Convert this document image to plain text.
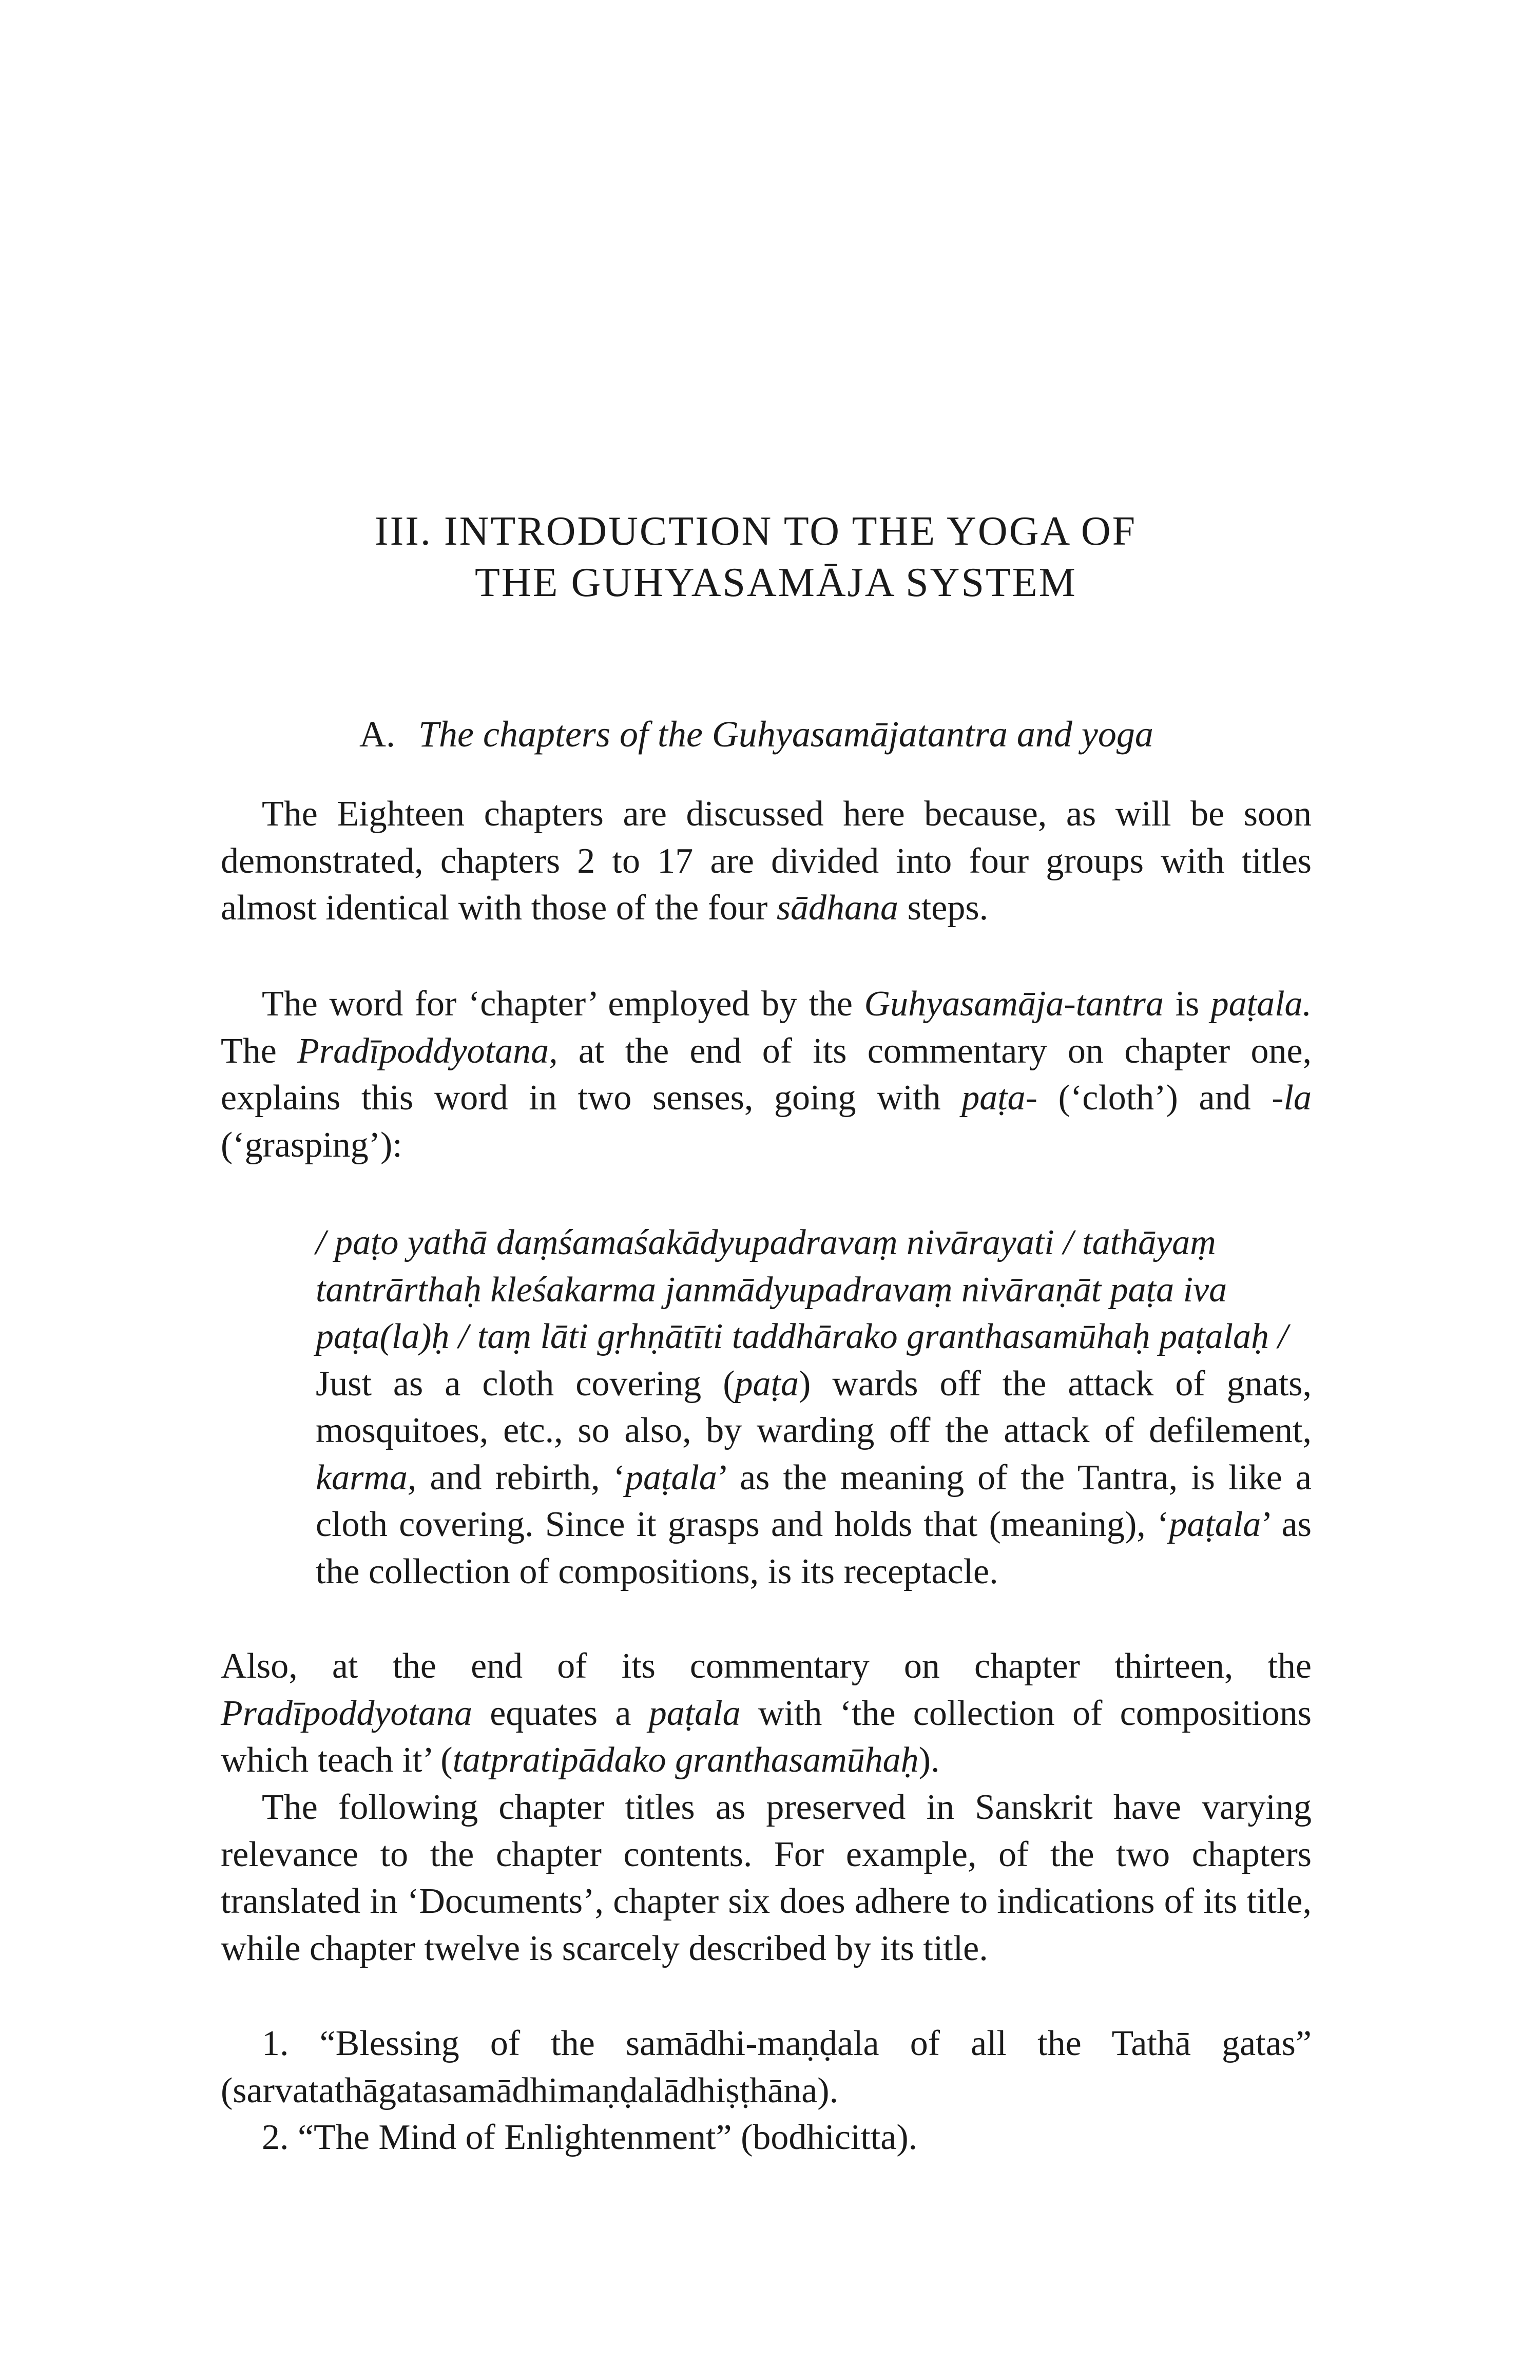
III. INTRODUCTION TO THE YOGA OF
THE GUHYASAMĀJA SYSTEM
A. The chapters of the Guhyasamājatantra and yoga

The Eighteen chapters are discussed here because, as will be soon demonstrated, chapters 2 to 17 are divided into four groups with titles almost identical with those of the four sādhana steps.

The word for ‘chapter’ employed by the Guhyasamāja-tantra is paṭala. The Pradīpoddyotana, at the end of its commentary on chapter one, explains this word in two senses, going with paṭa- (‘cloth’) and -la (‘grasping’):

/ paṭo yathā daṃśamaśakādyupadravaṃ nivārayati / tathāyaṃ tantrārthaḥ kleśakarma janmādyupadravaṃ nivāraṇāt paṭa iva paṭa(la)ḥ / taṃ lāti gṛhṇātīti taddhārako granthasamūhaḥ paṭalaḥ /

Just as a cloth covering (paṭa) wards off the attack of gnats, mosquitoes, etc., so also, by warding off the attack of defilement, karma, and rebirth, ‘paṭala’ as the meaning of the Tantra, is like a cloth covering. Since it grasps and holds that (meaning), ‘paṭala’ as the collection of compositions, is its receptacle.

Also, at the end of its commentary on chapter thirteen, the Pradīpoddyotana equates a paṭala with ‘the collection of compositions which teach it’ (tatpratipādako granthasamūhaḥ).

The following chapter titles as preserved in Sanskrit have varying relevance to the chapter contents. For example, of the two chapters translated in ‘Documents’, chapter six does adhere to indications of its title, while chapter twelve is scarcely described by its title.

1. “Blessing of the samādhi-maṇḍala of all the Tathā gatas” (sarvatathāgatasamādhimaṇḍalādhiṣṭhāna).

2. “The Mind of Enlightenment” (bodhicitta).
